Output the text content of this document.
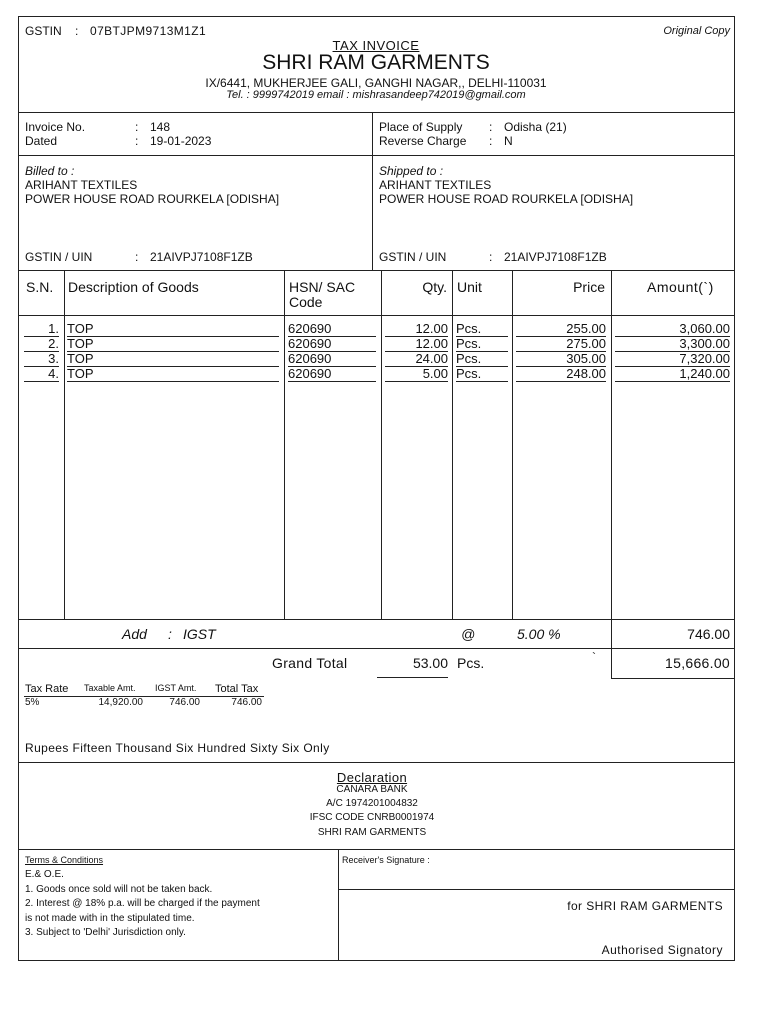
GSTIN : 07BTJPM9713M1Z1	Original Copy
TAX INVOICE
SHRI RAM GARMENTS
IX/6441, MUKHERJEE GALI, GANGHI NAGAR,, DELHI-110031
Tel. : 9999742019 email : mishrasandeep742019@gmail.com
Invoice No.	: 148
Dated	: 19-01-2023
Place of Supply : Odisha (21)
Reverse Charge : N
Billed to :
ARIHANT TEXTILES
POWER HOUSE ROAD ROURKELA [ODISHA]
GSTIN / UIN	: 21AIVPJ7108F1ZB
Shipped to :
ARIHANT TEXTILES
POWER HOUSE ROAD ROURKELA [ODISHA]
GSTIN / UIN	: 21AIVPJ7108F1ZB
S.N. Description of Goods	HSN/ SAC
Code
Qty. Unit	Price	Amount(`)
1. TOP	620690	12.00 Pcs.	255.00	3,060.00
2. TOP	620690	12.00 Pcs.	275.00	3,300.00
3. TOP	620690	24.00 Pcs.	305.00	7,320.00
4. TOP	620690	5.00 Pcs.	248.00	1,240.00
Add : IGST	@	5.00 %	746.00
Grand Total	53.00 Pcs.	`	15,666.00
Tax Rate Taxable Amt. IGST Amt. Total Tax
5%	14,920.00	746.00	746.00
Rupees Fifteen Thousand Six Hundred Sixty Six Only
Declaration
CANARA BANK
A/C 1974201004832
IFSC CODE CNRB0001974
SHRI RAM GARMENTS
Terms & Conditions
E.& O.E.
1. Goods once sold will not be taken back.
2. Interest @ 18% p.a. will be charged if the payment
is not made with in the stipulated time.
3. Subject to 'Delhi' Jurisdiction only.
Receiver's Signature :
for SHRI RAM GARMENTS
Authorised Signatory
